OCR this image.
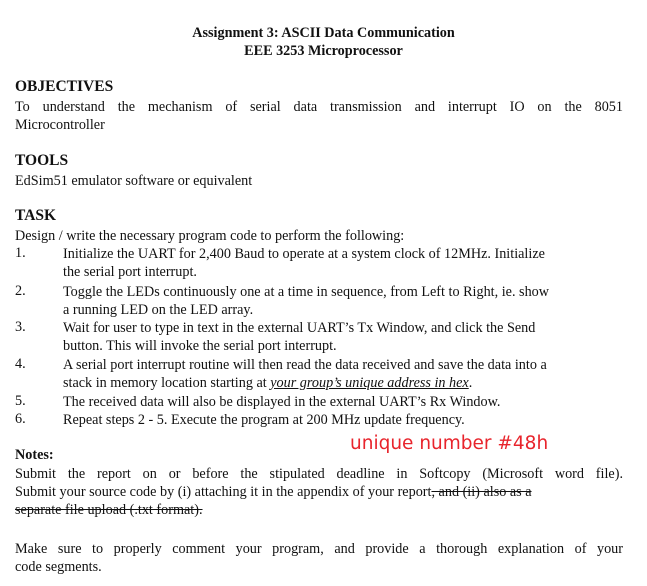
Assignment 3: ASCII Data Communication
EEE 3253 Microprocessor
OBJECTIVES
To understand the mechanism of serial data transmission and interrupt IO on the 8051
Microcontroller
TOOLS
EdSim51 emulator software or equivalent
TASK
Design / write the necessary program code to perform the following:
1.	Initialize the UART for 2,400 Baud to operate at a system clock of 12MHz. Initialize
the serial port interrupt.
2.	Toggle the LEDs continuously one at a time in sequence, from Left to Right, ie. show
a running LED on the LED array.
3.	Wait for user to type in text in the external UART’s Tx Window, and click the Send
button. This will invoke the serial port interrupt.
4.	A serial port interrupt routine will then read the data received and save the data into a
stack in memory location starting at your group’s unique address in hex.
5.	The received data will also be displayed in the external UART’s Rx Window.
6.	Repeat steps 2 - 5. Execute the program at 200 MHz update frequency.
unique number #48h
Notes:
Submit the report on or before the stipulated deadline in Softcopy (Microsoft word file).
Submit your source code by (i) attaching it in the appendix of your report, and (ii) also as a
separate file upload (.txt format).
Make sure to properly comment your program, and provide a thorough explanation of your
code segments.
